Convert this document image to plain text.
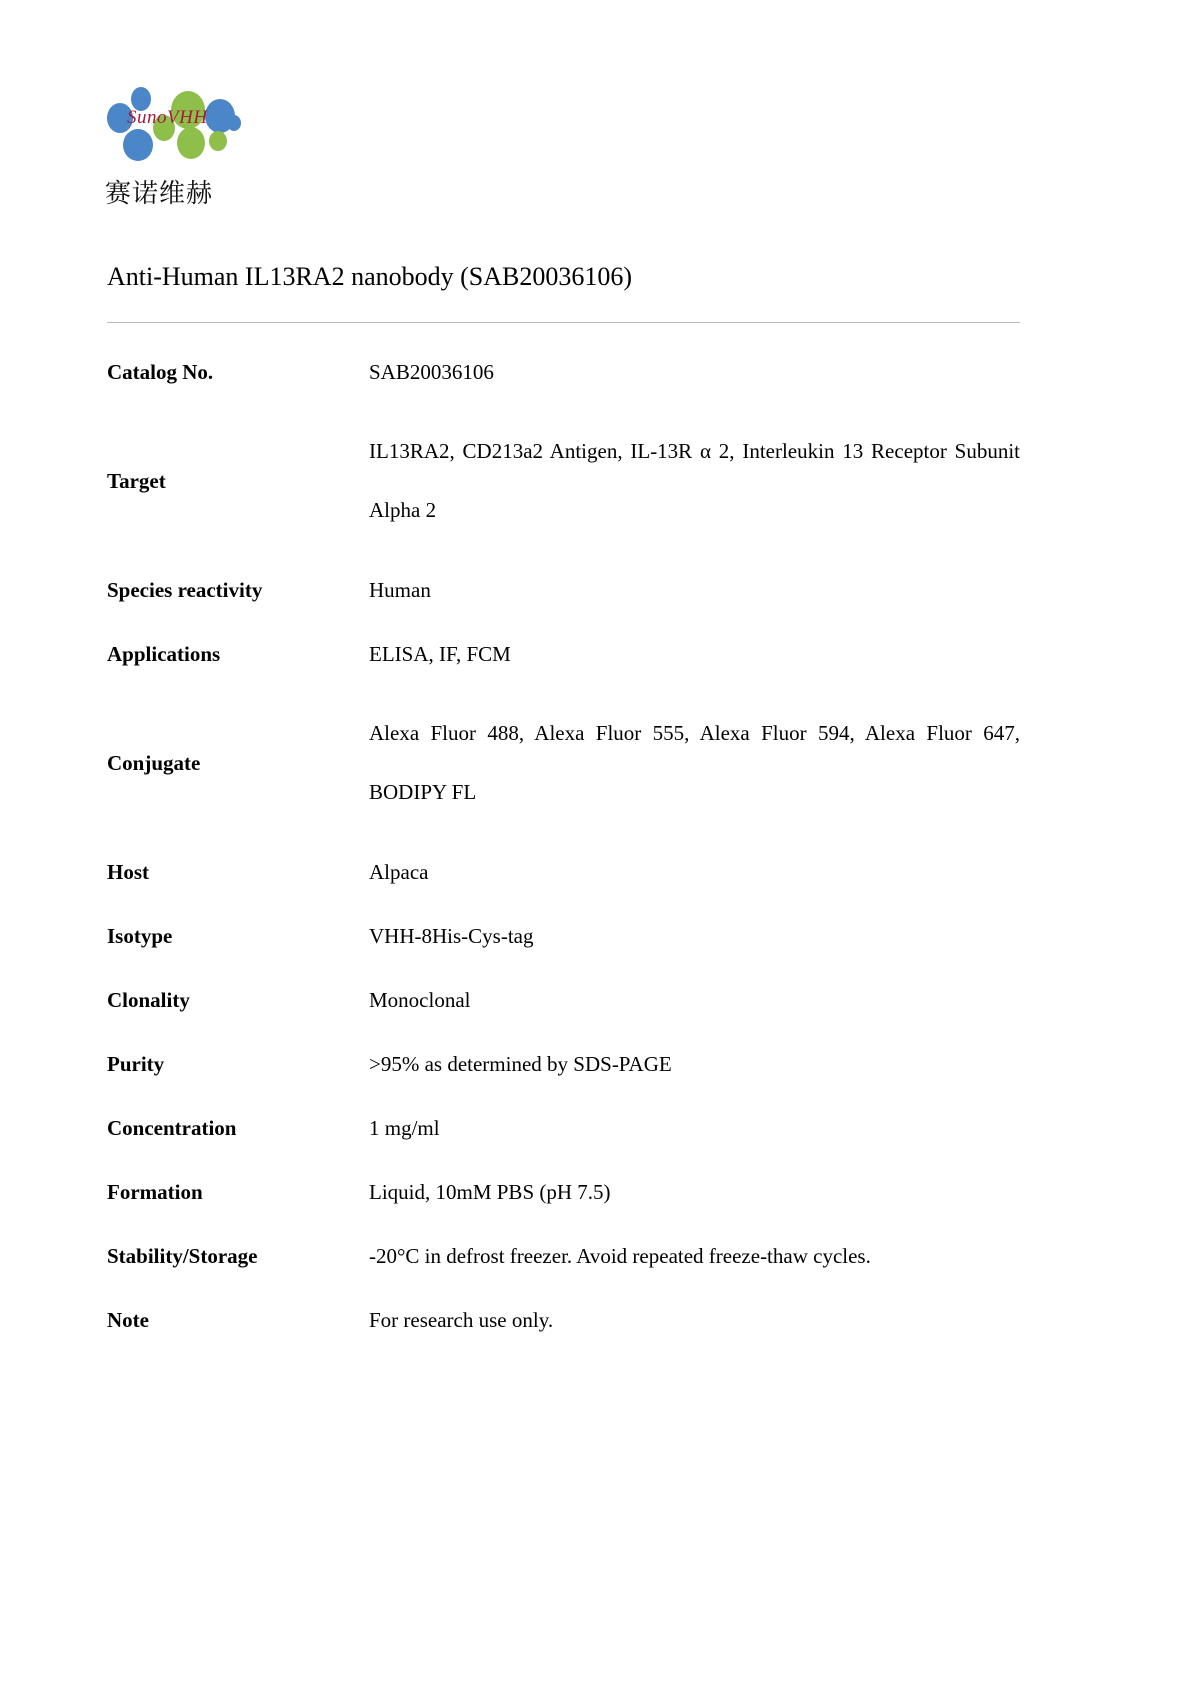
SunoVHH
赛诺维赫
Anti-Human IL13RA2 nanobody (SAB20036106)
Catalog No.	SAB20036106
Target	IL13RA2, CD213a2 Antigen, IL-13R α 2, Interleukin 13 Receptor Subunit Alpha 2
Species reactivity	Human
Applications	ELISA, IF, FCM
Conjugate	Alexa Fluor 488, Alexa Fluor 555, Alexa Fluor 594, Alexa Fluor 647, BODIPY FL
Host	Alpaca
Isotype	VHH-8His-Cys-tag
Clonality	Monoclonal
Purity	>95% as determined by SDS-PAGE
Concentration	1 mg/ml
Formation	Liquid, 10mM PBS (pH 7.5)
Stability/Storage	-20°C in defrost freezer. Avoid repeated freeze-thaw cycles.
Note	For research use only.
